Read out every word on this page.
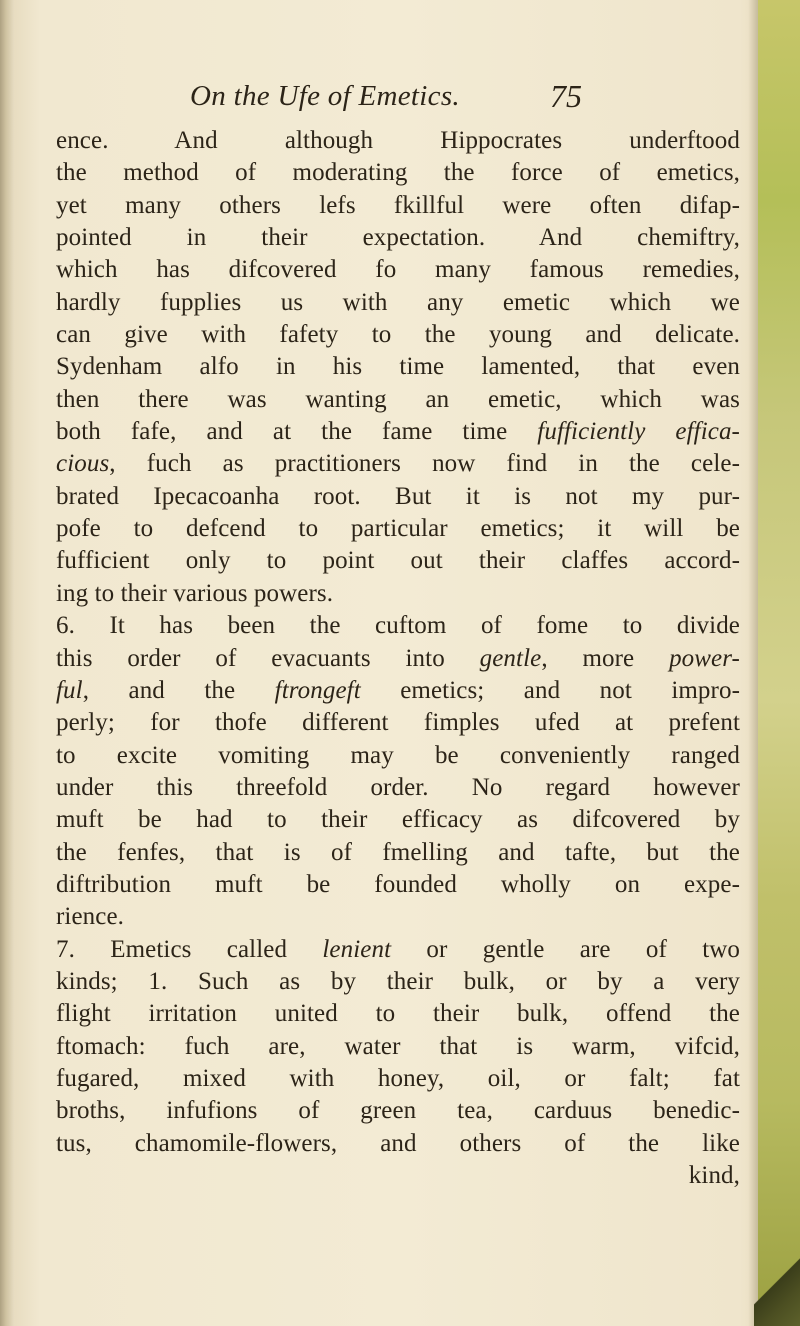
On the Ufe of Emetics.	75
ence. And although Hippocrates underftood
the method of moderating the force of emetics,
yet many others lefs fkillful were often difap-
pointed in their expectation. And chemiftry,
which has difcovered fo many famous remedies,
hardly fupplies us with any emetic which we
can give with fafety to the young and delicate.
Sydenham alfo in his time lamented, that even
then there was wanting an emetic, which was
both fafe, and at the fame time fufficiently effica-
cious, fuch as practitioners now find in the cele-
brated Ipecacoanha root. But it is not my pur-
pofe to defcend to particular emetics; it will be
fufficient only to point out their claffes accord-
ing to their various powers.
6. It has been the cuftom of fome to divide
this order of evacuants into gentle, more power-
ful, and the ftrongeft emetics; and not impro-
perly; for thofe different fimples ufed at prefent
to excite vomiting may be conveniently ranged
under this threefold order. No regard however
muft be had to their efficacy as difcovered by
the fenfes, that is of fmelling and tafte, but the
diftribution muft be founded wholly on expe-
rience.
7. Emetics called lenient or gentle are of two
kinds; 1. Such as by their bulk, or by a very
flight irritation united to their bulk, offend the
ftomach: fuch are, water that is warm, vifcid,
fugared, mixed with honey, oil, or falt; fat
broths, infufions of green tea, carduus benedic-
tus, chamomile-flowers, and others of the like
kind,
